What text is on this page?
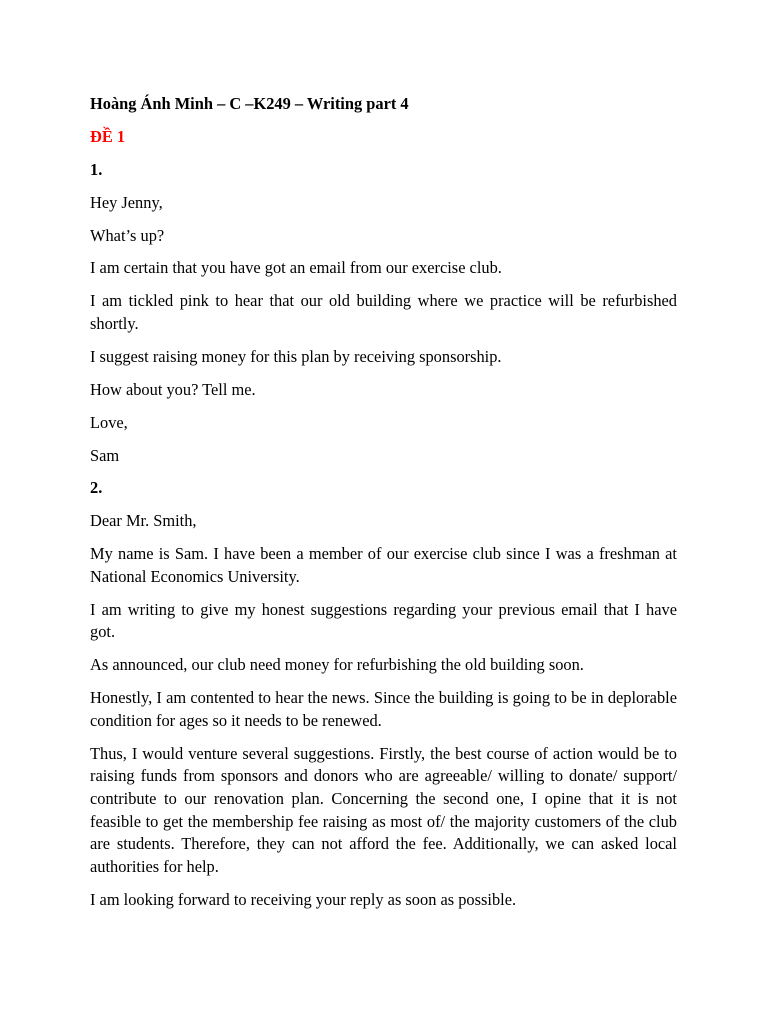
Hoàng Ánh Minh – C –K249 – Writing part 4

ĐỀ 1

1.

Hey Jenny,

What’s up?

I am certain that you have got an email from our exercise club.

I am tickled pink to hear that our old building where we practice will be refurbished shortly.

I suggest raising money for this plan by receiving sponsorship.

How about you? Tell me.

Love,

Sam

2.

Dear Mr. Smith,

My name is Sam. I have been a member of our exercise club since I was a freshman at National Economics University.

I am writing to give my honest suggestions regarding your previous email that I have got.

As announced, our club need money for refurbishing the old building soon.

Honestly, I am contented to hear the news. Since the building is going to be in deplorable condition for ages so it needs to be renewed.

Thus, I would venture several suggestions. Firstly, the best course of action would be to raising funds from sponsors and donors who are agreeable/ willing to donate/ support/ contribute to our renovation plan. Concerning the second one, I opine that it is not feasible to get the membership fee raising as most of/ the majority customers of the club are students. Therefore, they can not afford the fee. Additionally, we can asked local authorities for help.

I am looking forward to receiving your reply as soon as possible.
